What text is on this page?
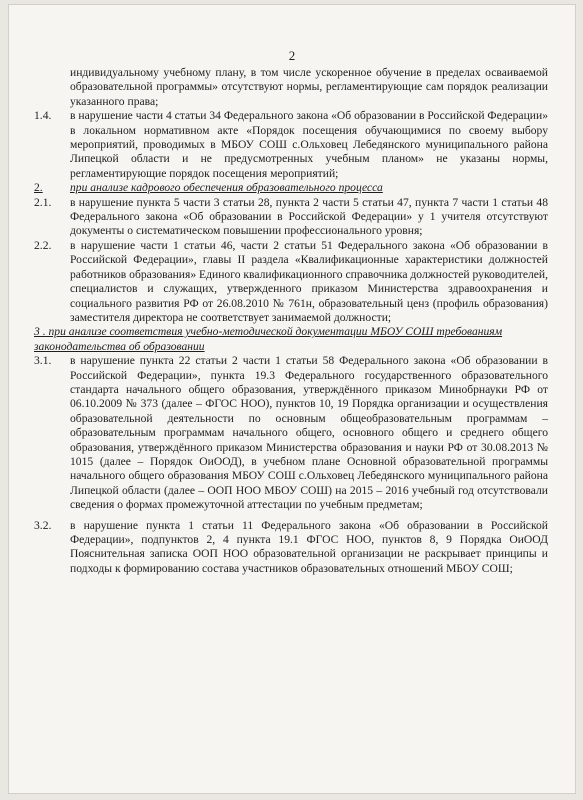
2
индивидуальному учебному плану, в том числе ускоренное обучение в пределах осваиваемой образовательной программы» отсутствуют нормы, регламентирующие сам порядок реализации указанного права;
1.4.	в нарушение части 4 статьи 34 Федерального закона «Об образовании в Российской Федерации» в локальном нормативном акте «Порядок посещения обучающимися по своему выбору мероприятий, проводимых в МБОУ СОШ с.Ольховец Лебедянского муниципального района Липецкой области и не предусмотренных учебным планом» не указаны нормы, регламентирующие порядок посещения мероприятий;
2.	при анализе кадрового обеспечения образовательного процесса
2.1.	в нарушение пункта 5 части 3 статьи 28, пункта 2 части 5 статьи 47, пункта 7 части 1 статьи 48 Федерального закона «Об образовании в Российской Федерации» у 1 учителя отсутствуют документы о систематическом повышении профессионального уровня;
2.2.	в нарушение части 1 статьи 46, части 2 статьи 51 Федерального закона «Об образовании в Российской Федерации», главы II раздела «Квалификационные характеристики должностей работников образования» Единого квалификационного справочника должностей руководителей, специалистов и служащих, утвержденного приказом Министерства здравоохранения и социального развития РФ от 26.08.2010 № 761н, образовательный ценз (профиль образования) заместителя директора не соответствует занимаемой должности;
3 . при анализе соответствия учебно-методической документации МБОУ СОШ требованиям законодательства об образовании
3.1.	в нарушение пункта 22 статьи 2 части 1 статьи 58 Федерального закона «Об образовании в Российской Федерации», пункта 19.3 Федерального государственного образовательного стандарта начального общего образования, утверждённого приказом Минобрнауки РФ от 06.10.2009 № 373 (далее – ФГОС НОО), пунктов 10, 19 Порядка организации и осуществления образовательной деятельности по основным общеобразовательным программам – образовательным программам начального общего, основного общего и среднего общего образования, утверждённого приказом Министерства образования и науки РФ от 30.08.2013 № 1015 (далее – Порядок ОиООД), в учебном плане Основной образовательной программы начального общего образования МБОУ СОШ с.Ольховец Лебедянского муниципального района Липецкой области (далее – ООП НОО МБОУ СОШ) на 2015 – 2016 учебный год отсутствовали сведения о формах промежуточной аттестации по учебным предметам;
3.2.	в нарушение пункта 1 статьи 11 Федерального закона «Об образовании в Российской Федерации», подпунктов 2, 4 пункта 19.1 ФГОС НОО, пунктов 8, 9 Порядка ОиООД Пояснительная записка ООП НОО образовательной организации не раскрывает принципы и подходы к формированию состава участников образовательных отношений МБОУ СОШ;
